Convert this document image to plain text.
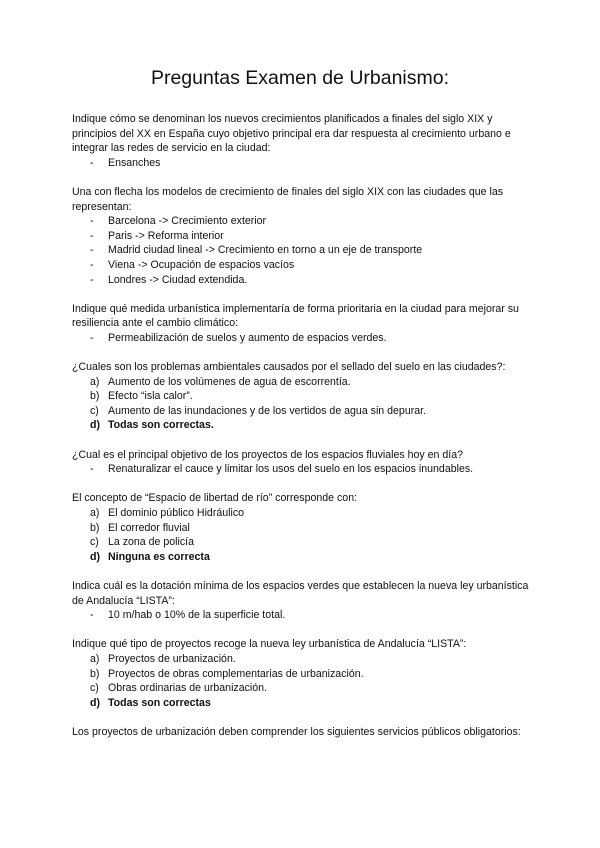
Preguntas Examen de Urbanismo:

Indique cómo se denominan los nuevos crecimientos planificados a finales del siglo XIX y principios del XX en España cuyo objetivo principal era dar respuesta al crecimiento urbano e integrar las redes de servicio en la ciudad:

- Ensanches

Una con flecha los modelos de crecimiento de finales del siglo XIX con las ciudades que las representan:

- Barcelona -> Crecimiento exterior
- Paris -> Reforma interior
- Madrid ciudad lineal -> Crecimiento en torno a un eje de transporte
- Viena -> Ocupación de espacios vacíos
- Londres -> Ciudad extendida.

Indique qué medida urbanística implementaría de forma prioritaria en la ciudad para mejorar su resiliencia ante el cambio climático:

- Permeabilización de suelos y aumento de espacios verdes.

¿Cuales son los problemas ambientales causados por el sellado del suelo en las ciudades?:

a) Aumento de los volúmenes de agua de escorrentía.
b) Efecto “isla calor”.
c) Aumento de las inundaciones y de los vertidos de agua sin depurar.
d) Todas son correctas.

¿Cual es el principal objetivo de los proyectos de los espacios fluviales hoy en día?

- Renaturalizar el cauce y limitar los usos del suelo en los espacios inundables.

El concepto de “Espacio de libertad de río” corresponde con:

a) El dominio público Hidráulico
b) El corredor fluvial
c) La zona de policía
d) Ninguna es correcta

Indica cuál es la dotación mínima de los espacios verdes que establecen la nueva ley urbanística de Andalucía “LISTA”:

- 10 m/hab o 10% de la superficie total.

Indique qué tipo de proyectos recoge la nueva ley urbanística de Andalucía “LISTA”:

a) Proyectos de urbanización.
b) Proyectos de obras complementarias de urbanización.
c) Obras ordinarias de urbanización.
d) Todas son correctas

Los proyectos de urbanización deben comprender los siguientes servicios públicos obligatorios:
